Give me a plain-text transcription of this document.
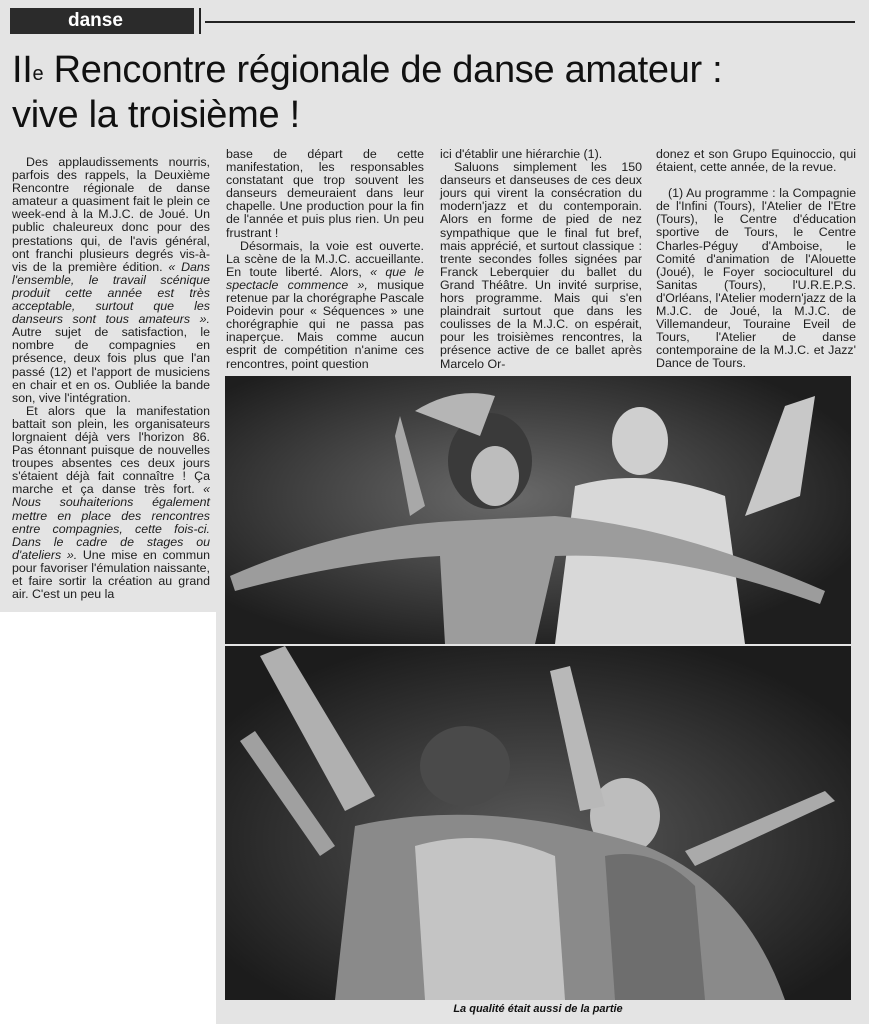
danse
IIe Rencontre régionale de danse amateur :
vive la troisième !

Des applaudissements nourris, parfois des rappels, la Deuxième Rencontre régionale de danse amateur a quasiment fait le plein ce week-end à la M.J.C. de Joué. Un public chaleureux donc pour des prestations qui, de l'avis général, ont franchi plusieurs degrés vis-à-vis de la première édition. « Dans l'ensemble, le travail scénique produit cette année est très acceptable, surtout que les danseurs sont tous amateurs ». Autre sujet de satisfaction, le nombre de compagnies en présence, deux fois plus que l'an passé (12) et l'apport de musiciens en chair et en os. Oubliée la bande son, vive l'intégration.

Et alors que la manifestation battait son plein, les organisateurs lorgnaient déjà vers l'horizon 86. Pas étonnant puisque de nouvelles troupes absentes ces deux jours s'étaient déjà fait connaître ! Ça marche et ça danse très fort. « Nous souhaiterions également mettre en place des rencontres entre compagnies, cette fois-ci. Dans le cadre de stages ou d'ateliers ». Une mise en commun pour favoriser l'émulation naissante, et faire sortir la création au grand air. C'est un peu la

base de départ de cette manifestation, les responsables constatant que trop souvent les danseurs demeuraient dans leur chapelle. Une production pour la fin de l'année et puis plus rien. Un peu frustrant !

Désormais, la voie est ouverte. La scène de la M.J.C. accueillante. En toute liberté. Alors, « que le spectacle commence », musique retenue par la chorégraphe Pascale Poidevin pour « Séquences » une chorégraphie qui ne passa pas inaperçue. Mais comme aucun esprit de compétition n'anime ces rencontres, point question

ici d'établir une hiérarchie (1).

Saluons simplement les 150 danseurs et danseuses de ces deux jours qui virent la consécration du modern'jazz et du contemporain. Alors en forme de pied de nez sympathique que le final fut bref, mais apprécié, et surtout classique : trente secondes folles signées par Franck Leberquier du ballet du Grand Théâtre. Un invité surprise, hors programme. Mais qui s'en plaindrait surtout que dans les coulisses de la M.J.C. on espérait, pour les troisièmes rencontres, la présence active de ce ballet après Marcelo Or-

donez et son Grupo Equinoccio, qui étaient, cette année, de la revue.

(1) Au programme : la Compagnie de l'Infini (Tours), l'Atelier de l'Etre (Tours), le Centre d'éducation sportive de Tours, le Centre Charles-Péguy d'Amboise, le Comité d'animation de l'Alouette (Joué), le Foyer socioculturel du Sanitas (Tours), l'U.R.E.P.S. d'Orléans, l'Atelier modern'jazz de la M.J.C. de Joué, la M.J.C. de Villemandeur, Touraine Eveil de Tours, l'Atelier de danse contemporaine de la M.J.C. et Jazz' Dance de Tours.

La qualité était aussi de la partie
